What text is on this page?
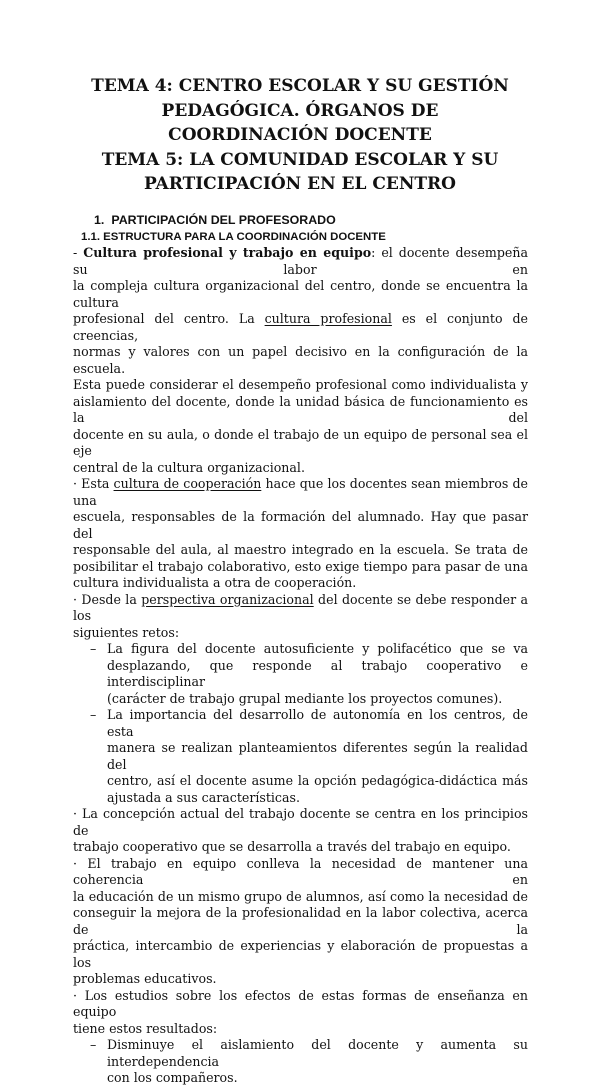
TEMA 4: CENTRO ESCOLAR Y SU GESTIÓN
PEDAGÓGICA. ÓRGANOS DE
COORDINACIÓN DOCENTE
TEMA 5: LA COMUNIDAD ESCOLAR Y SU
PARTICIPACIÓN EN EL CENTRO
1. PARTICIPACIÓN DEL PROFESORADO
1.1. ESTRUCTURA PARA LA COORDINACIÓN DOCENTE
- Cultura profesional y trabajo en equipo: el docente desempeña su labor en
la compleja cultura organizacional del centro, donde se encuentra la cultura
profesional del centro. La cultura profesional es el conjunto de creencias,
normas y valores con un papel decisivo en la configuración de la escuela.
Esta puede considerar el desempeño profesional como individualista y
aislamiento del docente, donde la unidad básica de funcionamiento es la del
docente en su aula, o donde el trabajo de un equipo de personal sea el eje
central de la cultura organizacional.
· Esta cultura de cooperación hace que los docentes sean miembros de una
escuela, responsables de la formación del alumnado. Hay que pasar del
responsable del aula, al maestro integrado en la escuela. Se trata de
posibilitar el trabajo colaborativo, esto exige tiempo para pasar de una
cultura individualista a otra de cooperación.
· Desde la perspectiva organizacional del docente se debe responder a los
siguientes retos:
– La figura del docente autosuficiente y polifacético que se va
desplazando, que responde al trabajo cooperativo e interdisciplinar
(carácter de trabajo grupal mediante los proyectos comunes).
– La importancia del desarrollo de autonomía en los centros, de esta
manera se realizan planteamientos diferentes según la realidad del
centro, así el docente asume la opción pedagógica-didáctica más
ajustada a sus características.
· La concepción actual del trabajo docente se centra en los principios de
trabajo cooperativo que se desarrolla a través del trabajo en equipo.
· El trabajo en equipo conlleva la necesidad de mantener una coherencia en
la educación de un mismo grupo de alumnos, así como la necesidad de
conseguir la mejora de la profesionalidad en la labor colectiva, acerca de la
práctica, intercambio de experiencias y elaboración de propuestas a los
problemas educativos.
· Los estudios sobre los efectos de estas formas de enseñanza en equipo
tiene estos resultados:
– Disminuye el aislamiento del docente y aumenta su interdependencia
con los compañeros.
